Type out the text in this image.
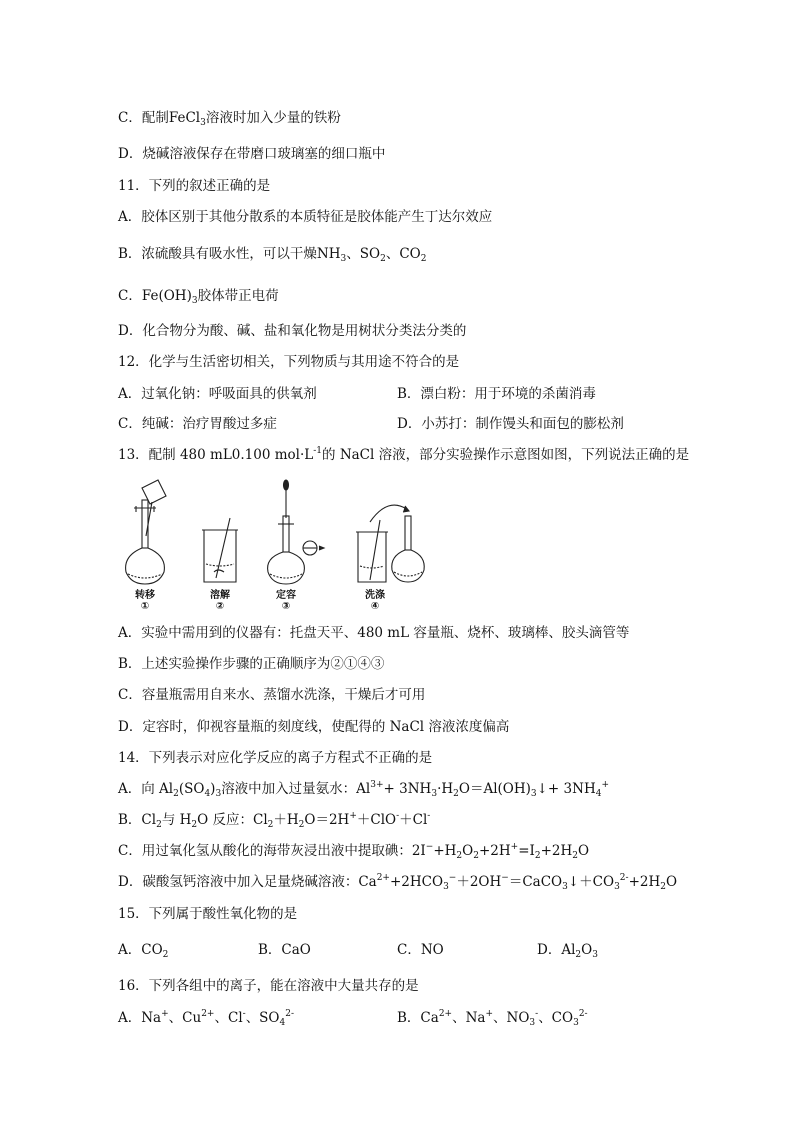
C．配制FeCl$_3$溶液时加入少量的铁粉
D．烧碱溶液保存在带磨口玻璃塞的细口瓶中
11．下列的叙述正确的是
A．胶体区别于其他分散系的本质特征是胶体能产生丁达尔效应
B．浓硫酸具有吸水性，可以干燥$NH_3$、$SO_2$、$CO_2$
C．$Fe(OH)_3$胶体带正电荷
D．化合物分为酸、碱、盐和氧化物是用树状分类法分类的
12．化学与生活密切相关，下列物质与其用途不符合的是
A．过氧化钠：呼吸面具的供氧剂	B．漂白粉：用于环境的杀菌消毒
C．纯碱：治疗胃酸过多症	D．小苏打：制作馒头和面包的膨松剂
13．配制 480 mL0.100 $mol\cdot L^{-1}$的 NaCl 溶液，部分实验操作示意图如图，下列说法正确的是
转移
①
溶解
②
定容
③
洗涤
④
A．实验中需用到的仪器有：托盘天平、480 mL 容量瓶、烧杯、玻璃棒、胶头滴管等
B．上述实验操作步骤的正确顺序为②①④③
C．容量瓶需用自来水、蒸馏水洗涤，干燥后才可用
D．定容时，仰视容量瓶的刻度线，使配得的 NaCl 溶液浓度偏高
14．下列表示对应化学反应的离子方程式不正确的是
A．向 $Al_2(SO_4)_3$溶液中加入过量氨水：$Al^{3+}+$ $3NH_3\cdot H_2O=Al(OH)_3↓+ 3NH_4^+$
B．$Cl_2$与 $H_2O$ 反应：$Cl_2+H_2O=2H^++ClO^-+Cl^-$
C．用过氧化氢从酸化的海带灰浸出液中提取碘：$2I^-+H_2O_2+2H^+=I_2+2H_2O$
D．碳酸氢钙溶液中加入足量烧碱溶液：$Ca^{2+}+2HCO_3^-+2OH^-=CaCO_3↓+CO_3^{2-}+2H_2O$
15．下列属于酸性氧化物的是
A．$CO_2$	B．CaO	C．NO	D．$Al_2O_3$
16．下列各组中的离子，能在溶液中大量共存的是
A．Na+、$Cu^{2+}$、Cl-、$SO_4^{2-}$	B．$Ca^{2+}$、Na+、$NO_3^-$、$CO_3^{2-}$
